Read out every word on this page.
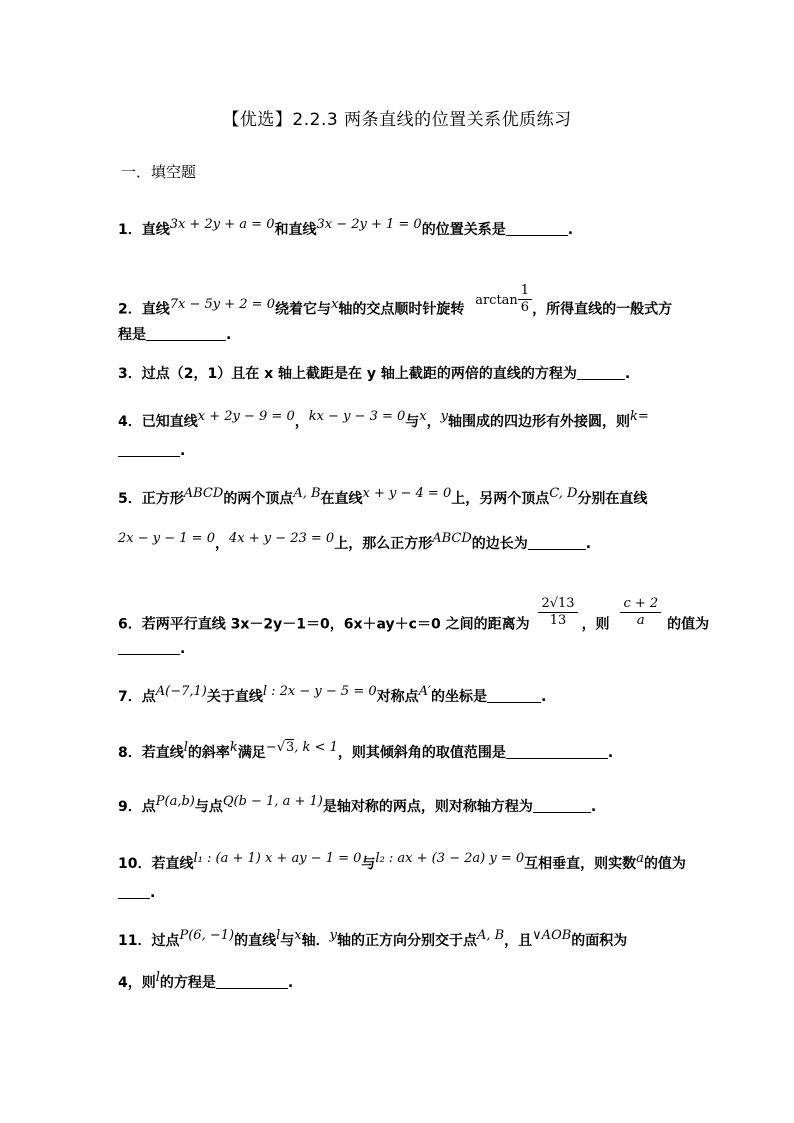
【优选】2.2.3 两条直线的位置关系优质练习
一．填空题
1．直线3x + 2y + a = 0和直线3x − 2y + 1 = 0的位置关系是	.
2．直线7x − 5y + 2 = 0绕着它与x轴的交点顺时针旋转 $\arctan \frac{1}{6}$ ，所得直线的一般式方
程是	.
3．过点（2，1）且在 x 轴上截距是在 y 轴上截距的两倍的直线的方程为	.
4．已知直线x + 2y − 9 = 0，kx − y − 3 = 0与x，y轴围成的四边形有外接圆，则k=
.
5．正方形ABCD的两个顶点A, B在直线x + y − 4 = 0上，另两个顶点C, D分别在直线
2x − y − 1 = 0，4x + y − 23 = 0上，那么正方形ABCD的边长为	.
6．若两平行直线 3x－2y－1＝0，6x＋ay＋c＝0 之间的距离为 $\frac{2√13}{13}$ ，则 $\frac{c + 2}{a}$ 的值为
.
7．点A(−7,1)关于直线l : 2x − y − 5 = 0对称点A′的坐标是	.
8．若直线l的斜率k满足−√3, k < 1，则其倾斜角的取值范围是	.
9．点P(a,b)与点Q(b − 1, a + 1)是轴对称的两点，则对称轴方程为	.
10．若直线l₁ : (a + 1) x + ay − 1 = 0与l₂ : ax + (3 − 2a) y = 0互相垂直，则实数a的值为
.
11．过点P(6, −1)的直线l与x轴．y轴的正方向分别交于点A, B，且∨AOB的面积为
4，则l的方程是	.
